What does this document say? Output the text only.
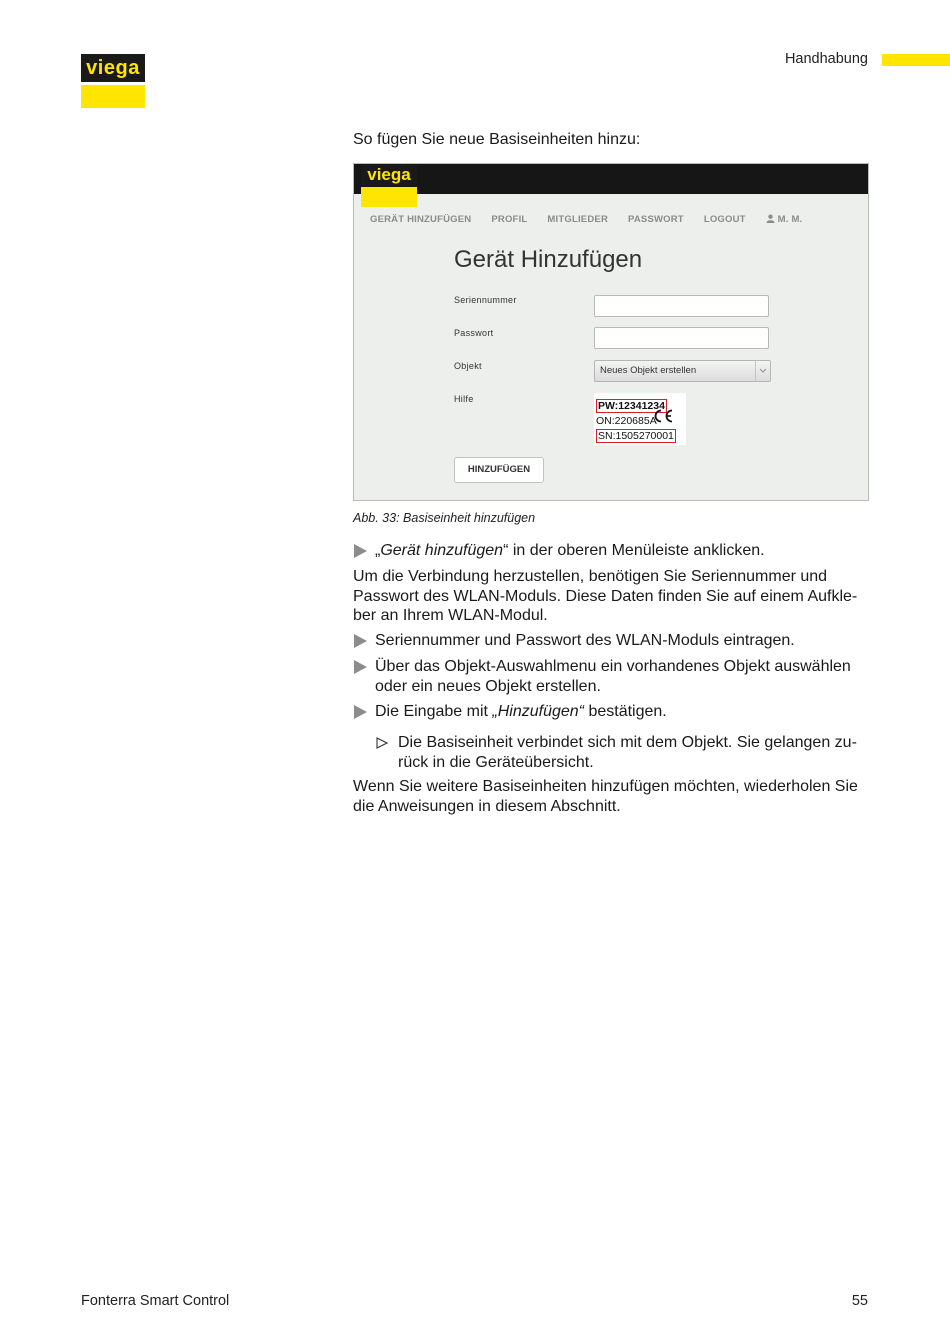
viega	Handhabung
So fügen Sie neue Basiseinheiten hinzu:
viega
GERÄT HINZUFÜGEN PROFIL MITGLIEDER PASSWORT LOGOUT	M. M.
Gerät Hinzufügen
Seriennummer
Passwort
Objekt	Neues Objekt erstellen
Hilfe
PW:12341234
ON:220685A
SN:1505270001
HINZUFÜGEN
Abb. 33: Basiseinheit hinzufügen
„Gerät hinzufügen“ in der oberen Menüleiste anklicken.
Um die Verbindung herzustellen, benötigen Sie Seriennummer und Passwort des WLAN-Moduls. Diese Daten finden Sie auf einem Aufkle-ber an Ihrem WLAN-Modul.
Seriennummer und Passwort des WLAN-Moduls eintragen.
Über das Objekt-Auswahlmenu ein vorhandenes Objekt auswählen oder ein neues Objekt erstellen.
Die Eingabe mit „Hinzufügen“ bestätigen.
Die Basiseinheit verbindet sich mit dem Objekt. Sie gelangen zu-rück in die Geräteübersicht.
Wenn Sie weitere Basiseinheiten hinzufügen möchten, wiederholen Sie die Anweisungen in diesem Abschnitt.
Fonterra Smart Control	55
